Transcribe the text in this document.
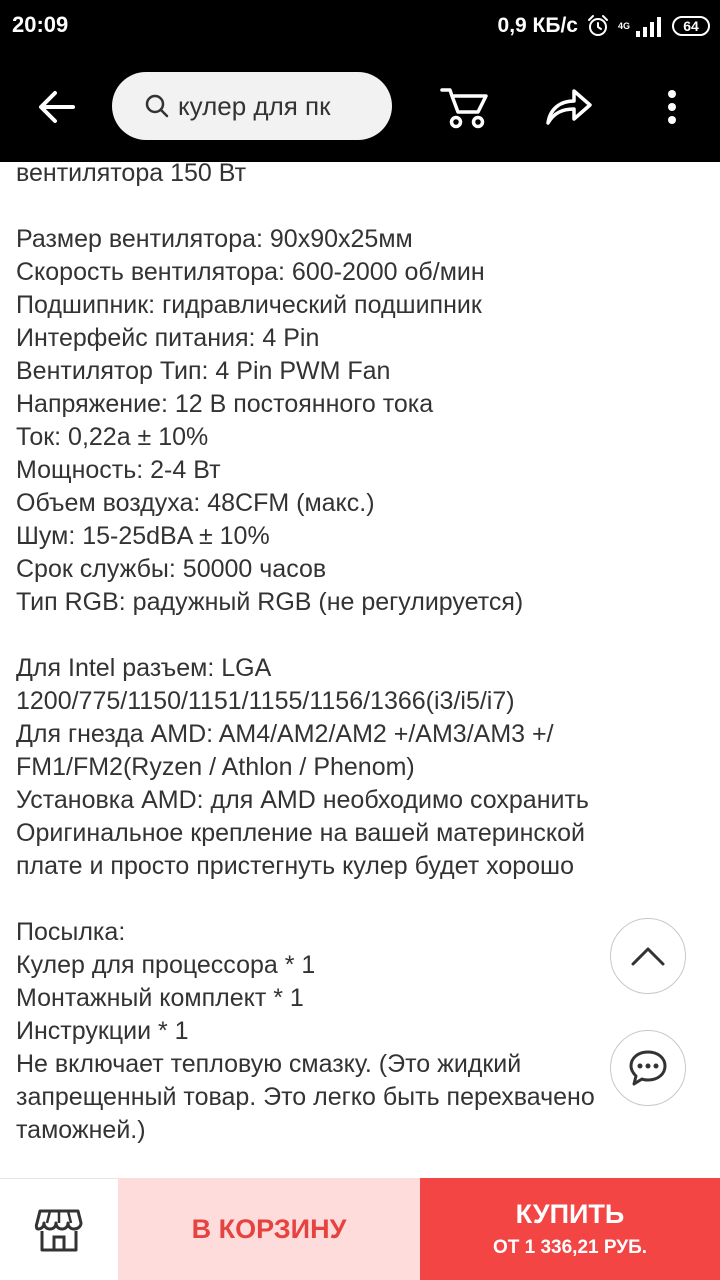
20:09	0,9 КБ/с	4G	64
кулер для пк
вентилятора 150 Вт
Размер вентилятора: 90x90x25мм
Скорость вентилятора: 600-2000 об/мин
Подшипник: гидравлический подшипник
Интерфейс питания: 4 Pin
Вентилятор Тип: 4 Pin PWM Fan
Напряжение: 12 В постоянного тока
Ток: 0,22a ± 10%
Мощность: 2-4 Вт
Объем воздуха: 48CFM (макс.)
Шум: 15-25dBA ± 10%
Срок службы: 50000 часов
Тип RGB: радужный RGB (не регулируется)
Для Intel разъем: LGA
1200/775/1150/1151/1155/1156/1366(i3/i5/i7)
Для гнезда AMD: AM4/AM2/AM2 +/AM3/AM3 +/
FM1/FM2(Ryzen / Athlon / Phenom)
Установка AMD: для AMD необходимо сохранить
Оригинальное крепление на вашей материнской
плате и просто пристегнуть кулер будет хорошо
Посылка:
Кулер для процессора * 1
Монтажный комплект * 1
Инструкции * 1
Не включает тепловую смазку. (Это жидкий
запрещенный товар. Это легко быть перехвачено
таможней.)
В КОРЗИНУ	КУПИТЬ
ОТ 1 336,21 РУБ.
